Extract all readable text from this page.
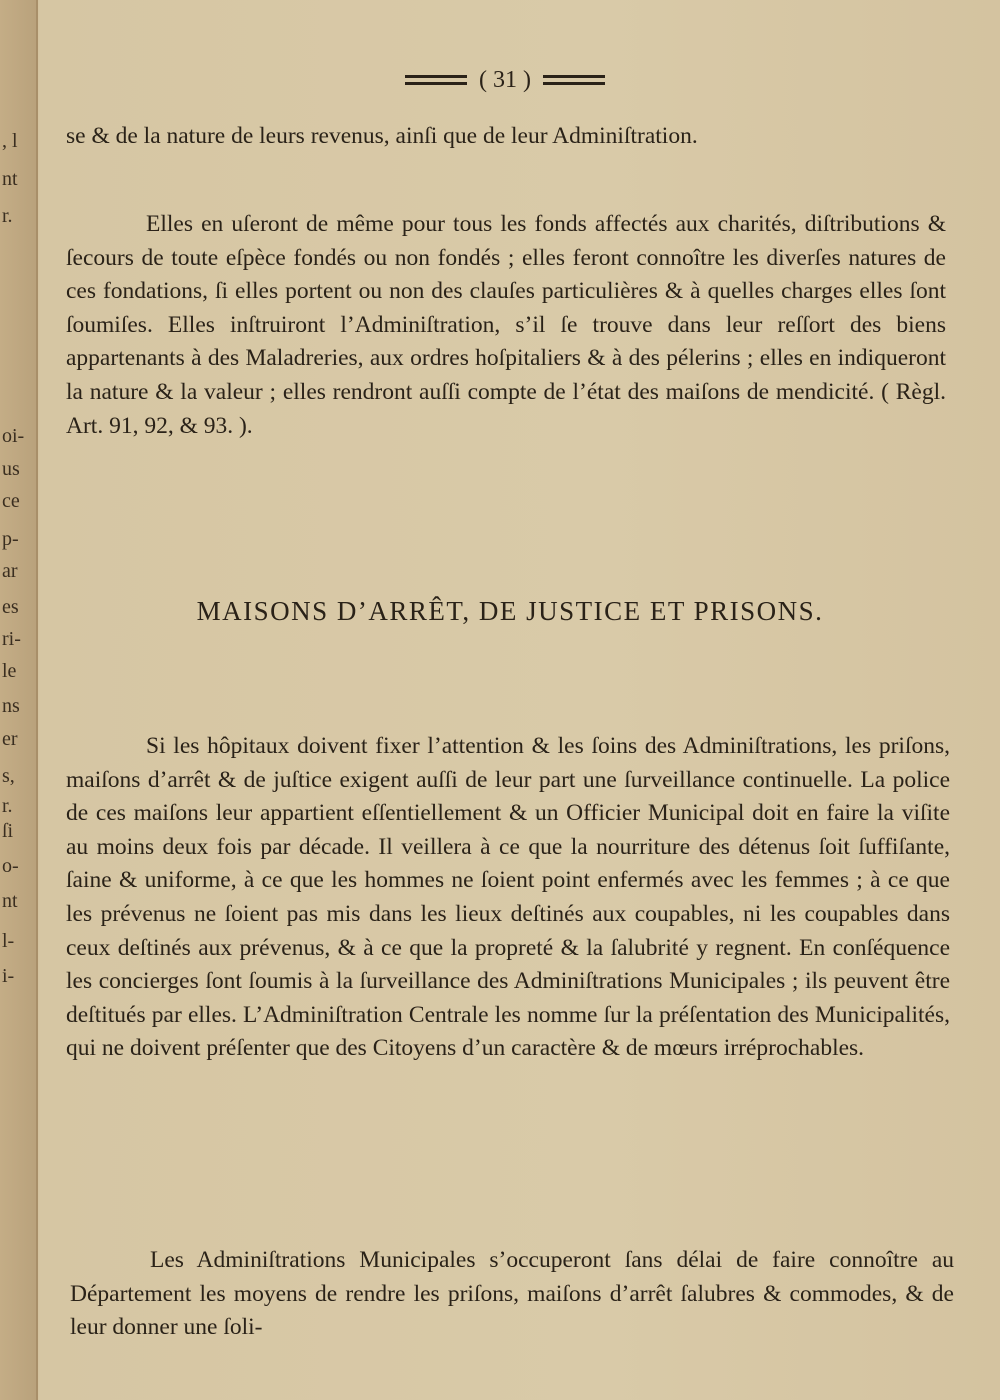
, l
nt
r.
oi-
us
ce
p-
ar
es
ri-
le
ns
er
s,
r.
ſi
o-
nt
l-
i-
( 31 )

se & de la nature de leurs revenus, ainſi que de leur Adminiſtration.

Elles en uſeront de même pour tous les fonds affectés aux charités, diſtributions & ſecours de toute eſpèce fondés ou non fondés ; elles feront connoître les diverſes natures de ces fondations, ſi elles portent ou non des clauſes particulières & à quelles charges elles ſont ſoumiſes. Elles inſtruiront l’Adminiſtration, s’il ſe trouve dans leur reſſort des biens appartenants à des Maladreries, aux ordres hoſpitaliers & à des pélerins ; elles en indiqueront la nature & la valeur ; elles rendront auſſi compte de l’état des maiſons de mendicité. ( Règl. Art. 91, 92, & 93. ).

MAISONS D’ARRÊT, DE JUSTICE ET PRISONS.

Si les hôpitaux doivent fixer l’attention & les ſoins des Adminiſtrations, les priſons, maiſons d’arrêt & de juſtice exigent auſſi de leur part une ſurveillance continuelle. La police de ces maiſons leur appartient eſſentiellement & un Officier Municipal doit en faire la viſite au moins deux fois par décade. Il veillera à ce que la nourriture des détenus ſoit ſuffiſante, ſaine & uniforme, à ce que les hommes ne ſoient point enfermés avec les femmes ; à ce que les prévenus ne ſoient pas mis dans les lieux deſtinés aux coupables, ni les coupables dans ceux deſtinés aux prévenus, & à ce que la propreté & la ſalubrité y regnent. En conſéquence les concierges ſont ſoumis à la ſurveillance des Adminiſtrations Municipales ; ils peuvent être deſtitués par elles. L’Adminiſtration Centrale les nomme ſur la préſentation des Municipalités, qui ne doivent préſenter que des Citoyens d’un caractère & de mœurs irréprochables.

Les Adminiſtrations Municipales s’occuperont ſans délai de faire connoître au Département les moyens de rendre les priſons, maiſons d’arrêt ſalubres & commodes, & de leur donner une ſoli-
